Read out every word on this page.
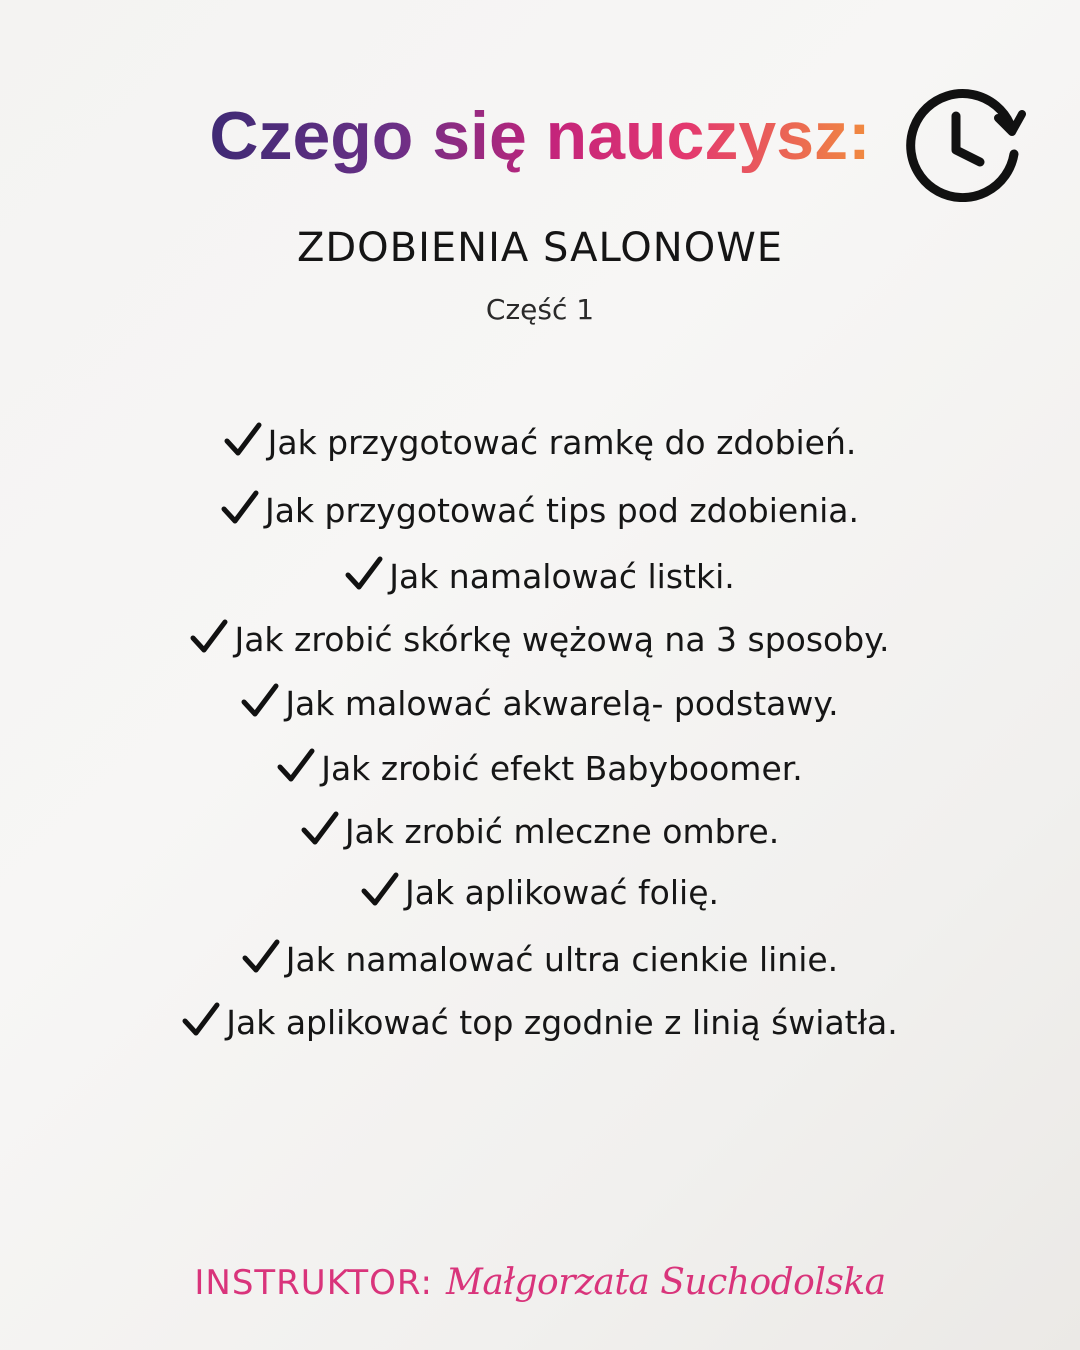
Czego się nauczysz:
ZDOBIENIA SALONOWE
Część 1
Jak przygotować ramkę do zdobień.
Jak przygotować tips pod zdobienia.
Jak namalować listki.
Jak zrobić skórkę wężową na 3 sposoby.
Jak malować akwarelą- podstawy.
Jak zrobić efekt Babyboomer.
Jak zrobić mleczne ombre.
Jak aplikować folię.
Jak namalować ultra cienkie linie.
Jak aplikować top zgodnie z linią światła.
INSTRUKTOR: Małgorzata Suchodolska
